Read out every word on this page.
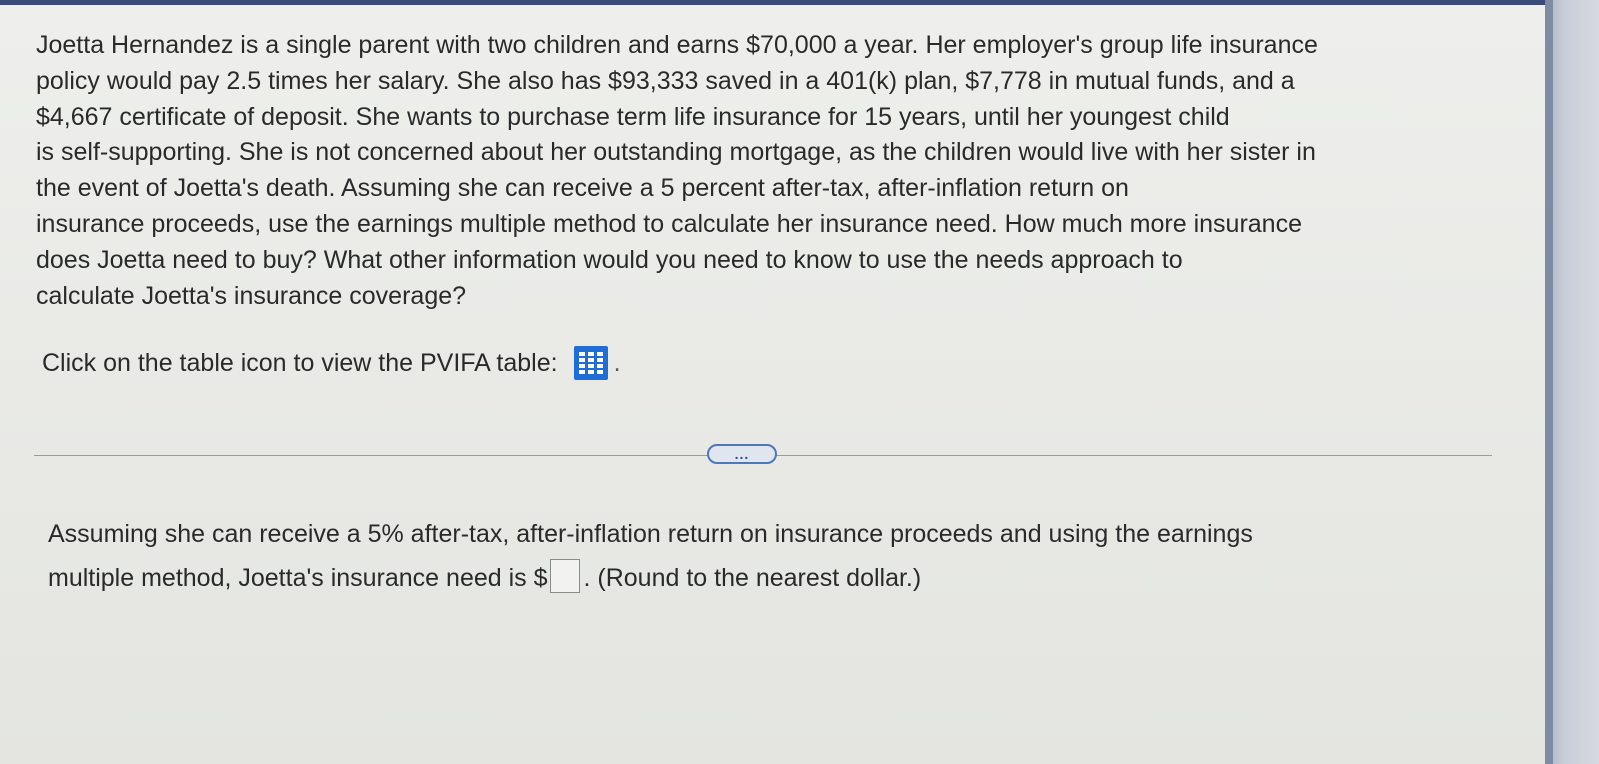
Joetta Hernandez is a single parent with two children and earns $70,000 a year. Her employer's group life insurance
policy would pay 2.5 times her salary. She also has $93,333 saved in a 401(k) plan, $7,778 in mutual funds, and a
$4,667 certificate of deposit. She wants to purchase term life insurance for 15 years, until her youngest child
is self-supporting. She is not concerned about her outstanding mortgage, as the children would live with her sister in
the event of Joetta's death. Assuming she can receive a 5 percent after-tax, after-inflation return on
insurance proceeds, use the earnings multiple method to calculate her insurance need. How much more insurance
does Joetta need to buy? What other information would you need to know to use the needs approach to
calculate Joetta's insurance coverage?
Click on the table icon to view the PVIFA table: .
...
Assuming she can receive a 5% after-tax, after-inflation return on insurance proceeds and using the earnings
multiple method, Joetta's insurance need is $ . (Round to the nearest dollar.)
